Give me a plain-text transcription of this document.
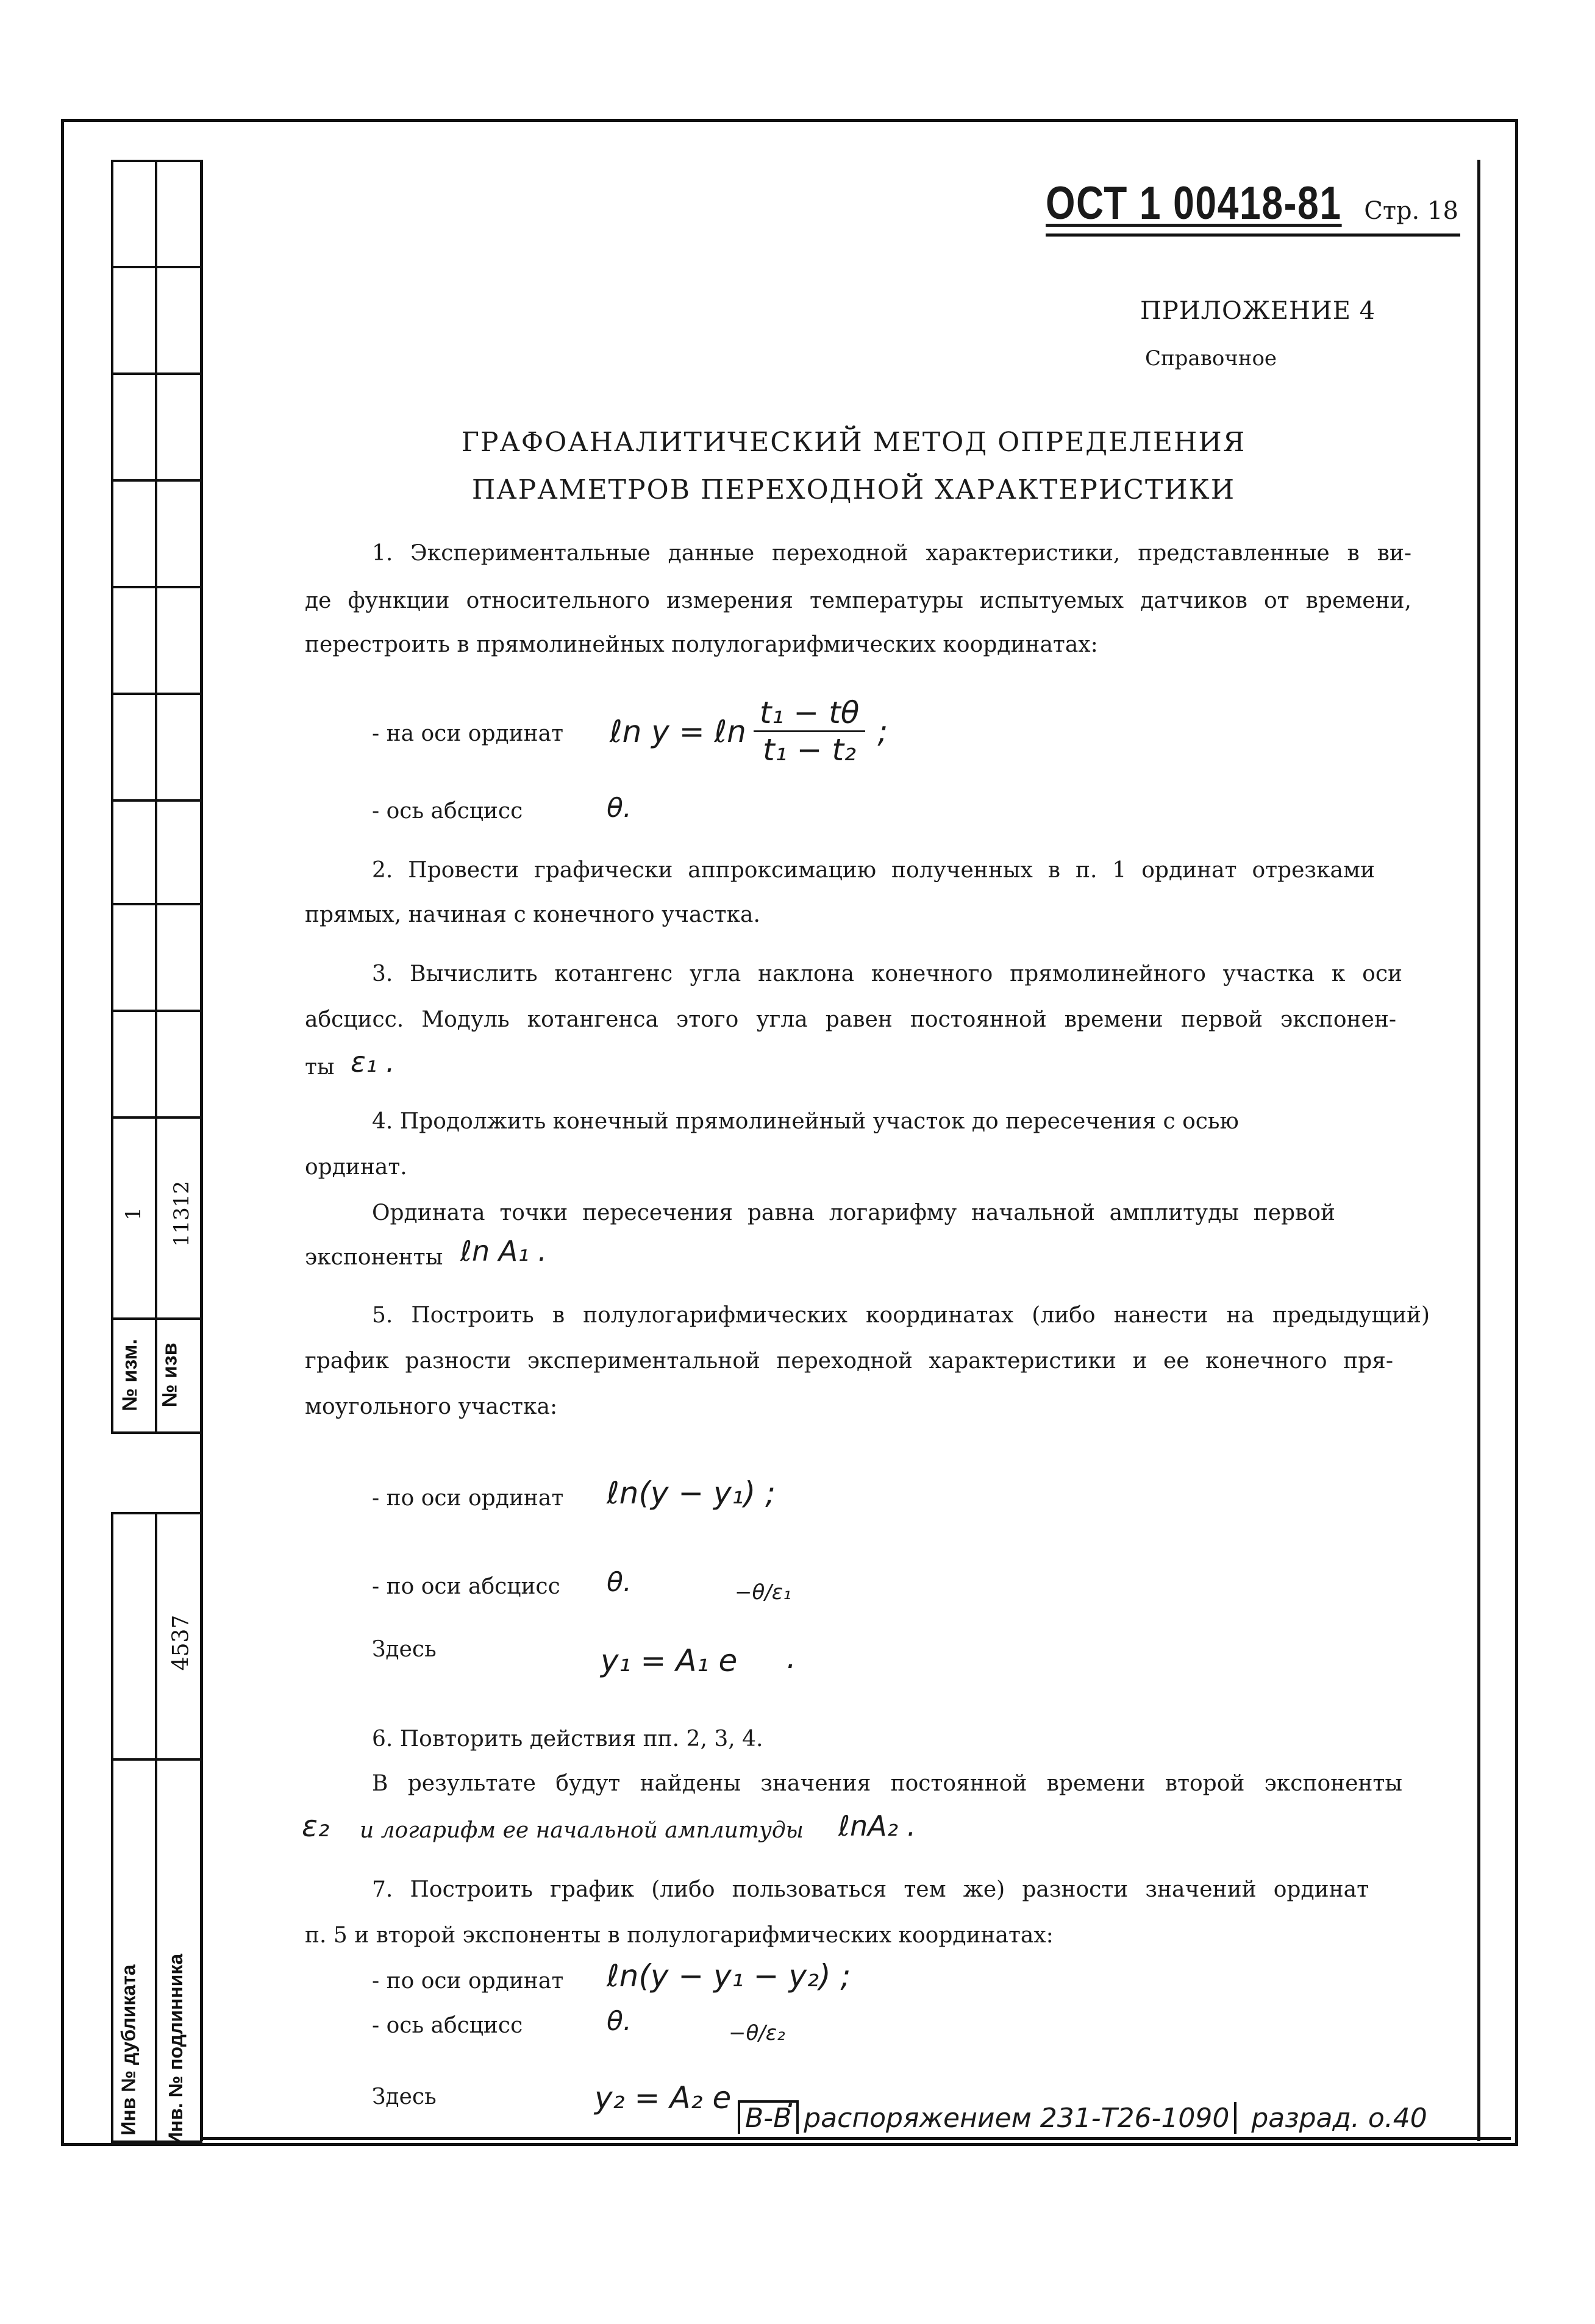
№ изм.
1
№ изв
11312
Инв № дубликата Инв. № подлинника
4537
ОСТ 1 00418-81 Стр. 18
ПРИЛОЖЕНИЕ 4
Справочное
ГРАФОАНАЛИТИЧЕСКИЙ МЕТОД ОПРЕДЕЛЕНИЯ
ПАРАМЕТРОВ ПЕРЕХОДНОЙ ХАРАКТЕРИСТИКИ
1. Экспериментальные данные переходной характеристики, представленные в ви-
де функции относительного измерения температуры испытуемых датчиков от времени,
перестроить в прямолинейных полулогарифмических координатах:
- на оси ординат ℓn y = ℓn $\frac{\text{t₁ − tθ}}{\text{t₁ − t₂}}$ ;
- ось абсцисс	θ.
2. Провести графически аппроксимацию полученных в п. 1 ординат отрезками
прямых, начиная с конечного участка.
3. Вычислить котангенс угла наклона конечного прямолинейного участка к оси
абсцисс. Модуль котангенса этого угла равен постоянной времени первой экспонен-
ты ε₁ .
4. Продолжить конечный прямолинейный участок до пересечения с осью
ординат.
Ордината точки пересечения равна логарифму начальной амплитуды первой
экспоненты ℓn A₁ .
5. Построить в полулогарифмических координатах (либо нанести на предыдущий)
график разности экспериментальной переходной характеристики и ее конечного пря-
моугольного участка:
- по оси ординат ℓn(y − y₁) ;
- по оси абсцисс θ.
Здесь	y₁ = A₁ e
−θ/ε₁
.
6. Повторить действия пп. 2, 3, 4.
В результате будут найдены значения постоянной времени второй экспоненты
ε₂ и логарифм ее начальной амплитуды ℓnA₂ .
7. Построить график (либо пользоваться тем же) разности значений ординат
п. 5 и второй экспоненты в полулогарифмических координатах:
- по оси ординат ℓn(y − y₁ − y₂) ;
- ось абсцисс	θ.
Здесь	y₂ = A₂ e
−θ/ε₂
.
В-В распоряжением 231-Т26-1090 разрад. о.40
